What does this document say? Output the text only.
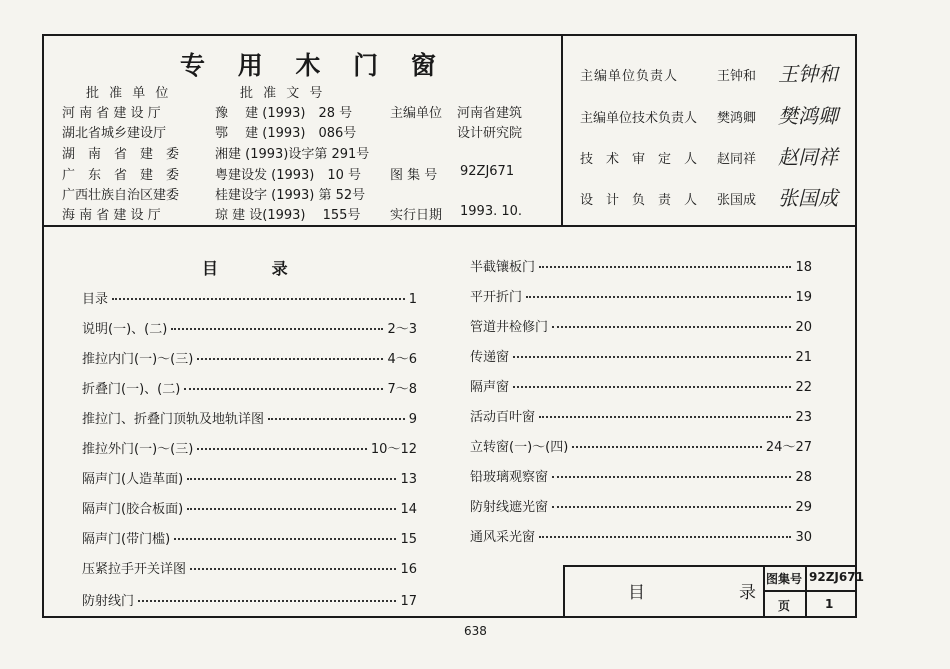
专 用 木 门 窗
批 准 单 位	批 准 文 号
河 南 省 建 设 厅	豫　 建 (1993)　28 号
湖北省城乡建设厅	鄂　 建 (1993)　086号
湖　南　省　建　委	湘建 (1993)设字第 291号
广　东　省　建　委	粤建设发 (1993)　10 号
广西壮族自治区建委	桂建设字 (1993) 第 52号
海 南 省 建 设 厅	琼 建 设(1993)　 155号
主编单位 河南省建筑
设计研究院
图 集 号 92ZJ671
实行日期 1993. 10.
主编单位负责人	王钟和 王钟和
主编单位技术负责人 樊鸿卿 樊鸿卿
技　术　审　定　人 赵同祥 赵同祥
设　计　负　责　人 张国成 张国成
目 录
目录	1
说明(一)、(二)	2～3
推拉内门(一)～(三)	4～6
折叠门(一)、(二)	7～8
推拉门、折叠门顶轨及地轨详图	9
推拉外门(一)～(三)	10～12
隔声门(人造革面)	13
隔声门(胶合板面)	14
隔声门(带门槛)	15
压紧拉手开关详图	16
防射线门	17
半截镶板门	18
平开折门	19
管道井检修门	20
传递窗	21
隔声窗	22
活动百叶窗	23
立转窗(一)～(四)	24～27
铅玻璃观察窗	28
防射线遮光窗	29
通风采光窗	30
目　　录
图集号 92ZJ671
页	1
638
